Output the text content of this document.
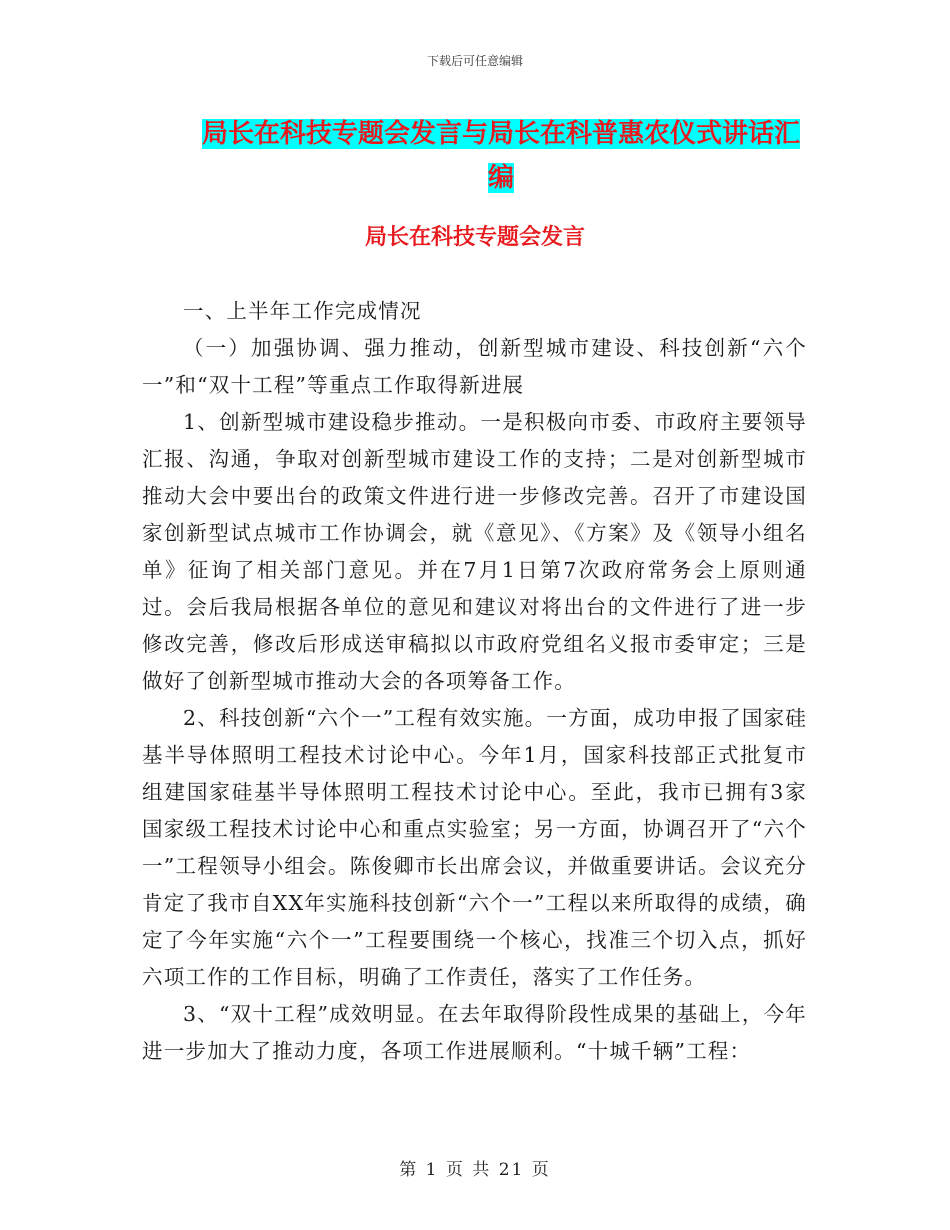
下载后可任意编辑
局长在科技专题会发言与局长在科普惠农仪式讲话汇编
局长在科技专题会发言

一、上半年工作完成情况

（一）加强协调、强力推动，创新型城市建设、科技创新“六个一”和“双十工程”等重点工作取得新进展

1、创新型城市建设稳步推动。一是积极向市委、市政府主要领导汇报、沟通，争取对创新型城市建设工作的支持；二是对创新型城市推动大会中要出台的政策文件进行进一步修改完善。召开了市建设国家创新型试点城市工作协调会，就《意见》、《方案》及《领导小组名单》征询了相关部门意见。并在7月1日第7次政府常务会上原则通过。会后我局根据各单位的意见和建议对将出台的文件进行了进一步修改完善，修改后形成送审稿拟以市政府党组名义报市委审定；三是做好了创新型城市推动大会的各项筹备工作。

2、科技创新“六个一”工程有效实施。一方面，成功申报了国家硅基半导体照明工程技术讨论中心。今年1月，国家科技部正式批复市组建国家硅基半导体照明工程技术讨论中心。至此，我市已拥有3家国家级工程技术讨论中心和重点实验室；另一方面，协调召开了“六个一”工程领导小组会。陈俊卿市长出席会议，并做重要讲话。会议充分肯定了我市自XX年实施科技创新“六个一”工程以来所取得的成绩，确定了今年实施“六个一”工程要围绕一个核心，找准三个切入点，抓好六项工作的工作目标，明确了工作责任，落实了工作任务。

3、“双十工程”成效明显。在去年取得阶段性成果的基础上，今年进一步加大了推动力度，各项工作进展顺利。“十城千辆”工程：

第 1 页 共 21 页
